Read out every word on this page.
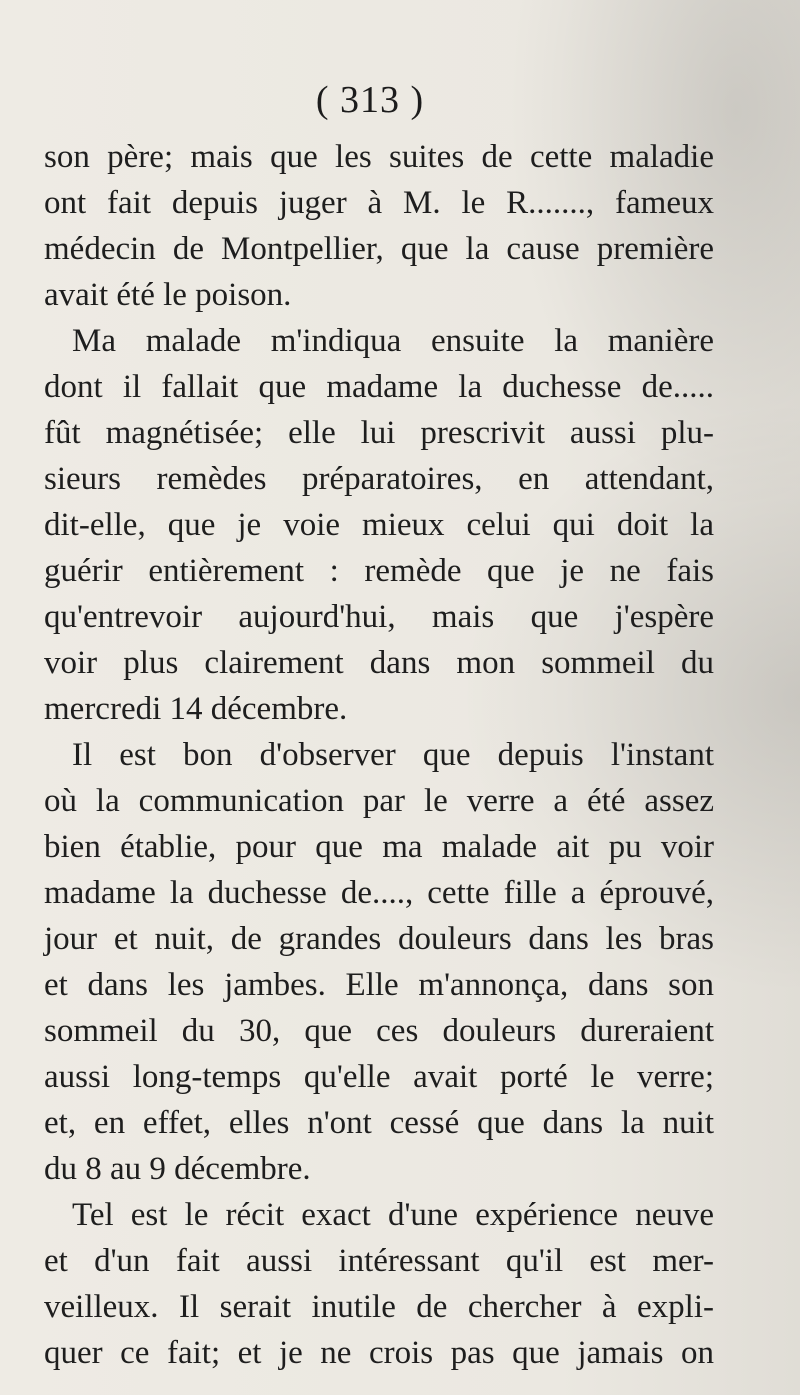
( 313 )
son père; mais que les suites de cette maladie
ont fait depuis juger à M. le R......., fameux
médecin de Montpellier, que la cause première
avait été le poison.
Ma malade m'indiqua ensuite la manière
dont il fallait que madame la duchesse de.....
fût magnétisée; elle lui prescrivit aussi plu-
sieurs remèdes préparatoires, en attendant,
dit-elle, que je voie mieux celui qui doit la
guérir entièrement : remède que je ne fais
qu'entrevoir aujourd'hui, mais que j'espère
voir plus clairement dans mon sommeil du
mercredi 14 décembre.
Il est bon d'observer que depuis l'instant
où la communication par le verre a été assez
bien établie, pour que ma malade ait pu voir
madame la duchesse de...., cette fille a éprouvé,
jour et nuit, de grandes douleurs dans les bras
et dans les jambes. Elle m'annonça, dans son
sommeil du 30, que ces douleurs dureraient
aussi long-temps qu'elle avait porté le verre;
et, en effet, elles n'ont cessé que dans la nuit
du 8 au 9 décembre.
Tel est le récit exact d'une expérience neuve
et d'un fait aussi intéressant qu'il est mer-
veilleux. Il serait inutile de chercher à expli-
quer ce fait; et je ne crois pas que jamais on
